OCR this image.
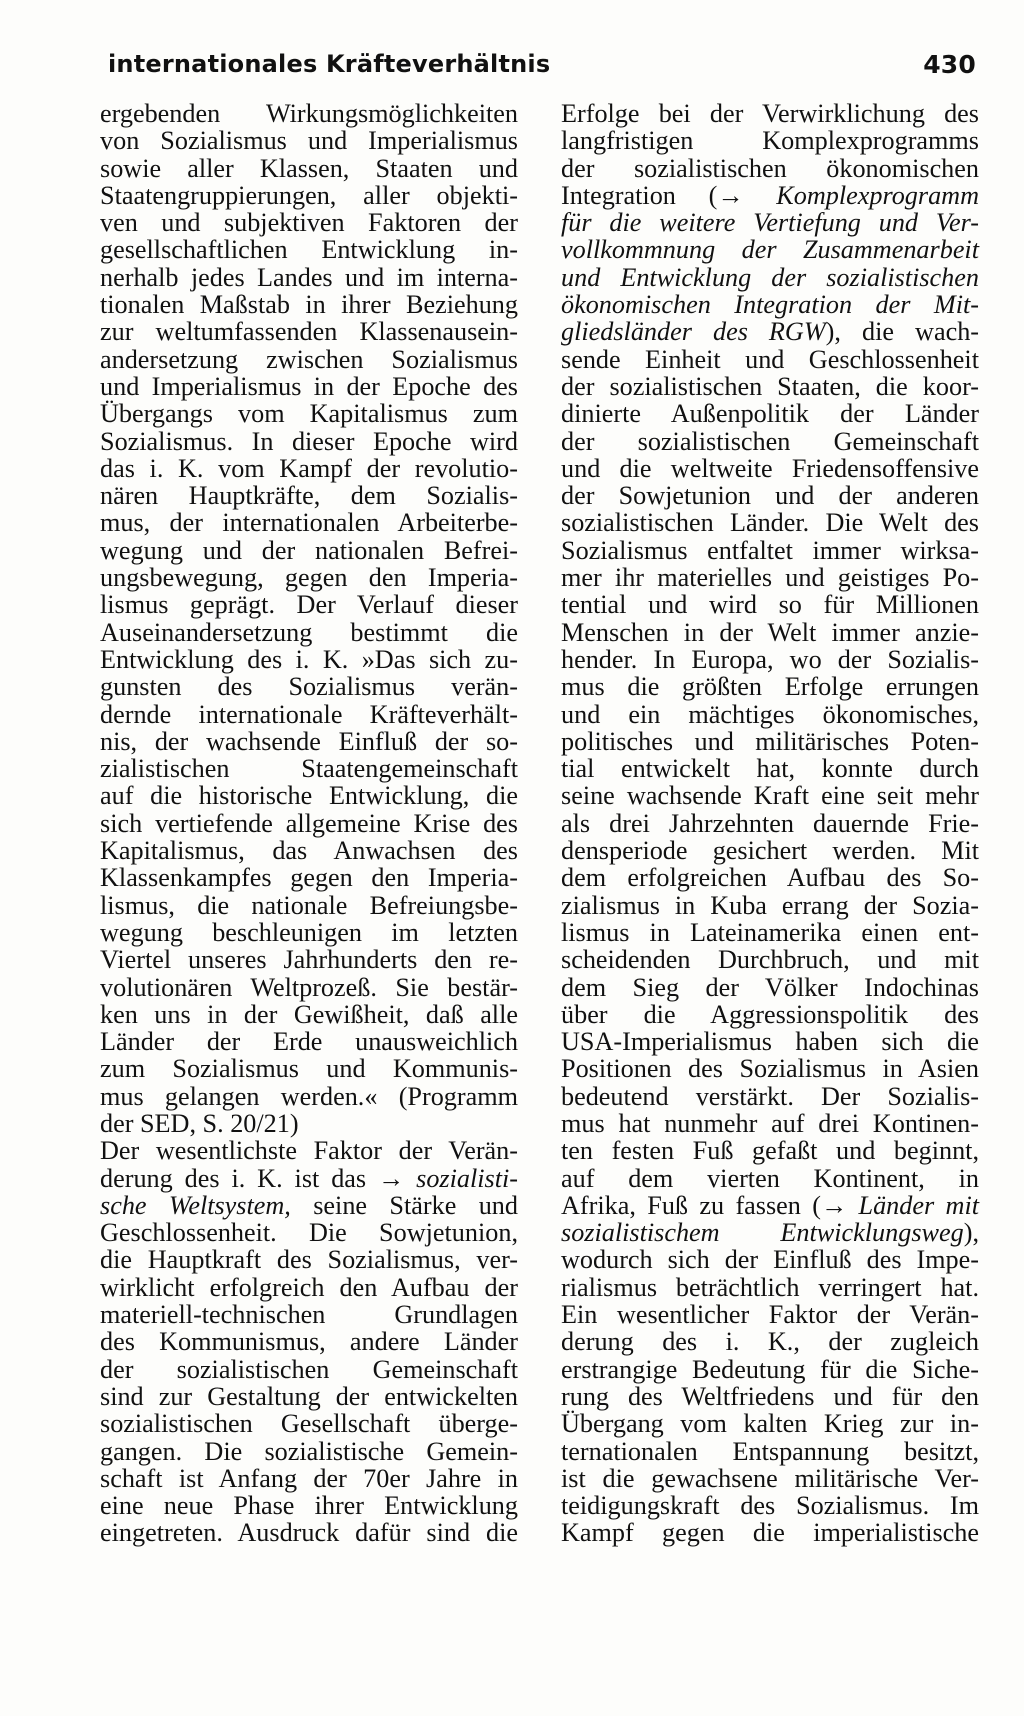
internationales Kräfteverhältnis	430
ergebenden Wirkungsmöglichkeiten
von Sozialismus und Imperialismus
sowie aller Klassen, Staaten und
Staatengruppierungen, aller objekti-
ven und subjektiven Faktoren der
gesellschaftlichen Entwicklung in-
nerhalb jedes Landes und im interna-
tionalen Maßstab in ihrer Beziehung
zur weltumfassenden Klassenausein-
andersetzung zwischen Sozialismus
und Imperialismus in der Epoche des
Übergangs vom Kapitalismus zum
Sozialismus. In dieser Epoche wird
das i. K. vom Kampf der revolutio-
nären Hauptkräfte, dem Sozialis-
mus, der internationalen Arbeiterbe-
wegung und der nationalen Befrei-
ungsbewegung, gegen den Imperia-
lismus geprägt. Der Verlauf dieser
Auseinandersetzung bestimmt die
Entwicklung des i. K. »Das sich zu-
gunsten des Sozialismus verän-
dernde internationale Kräfteverhält-
nis, der wachsende Einfluß der so-
zialistischen Staatengemeinschaft
auf die historische Entwicklung, die
sich vertiefende allgemeine Krise des
Kapitalismus, das Anwachsen des
Klassenkampfes gegen den Imperia-
lismus, die nationale Befreiungsbe-
wegung beschleunigen im letzten
Viertel unseres Jahrhunderts den re-
volutionären Weltprozeß. Sie bestär-
ken uns in der Gewißheit, daß alle
Länder der Erde unausweichlich
zum Sozialismus und Kommunis-
mus gelangen werden.« (Programm
der SED, S. 20/21)
Der wesentlichste Faktor der Verän-
derung des i. K. ist das → sozialisti-
sche Weltsystem, seine Stärke und
Geschlossenheit. Die Sowjetunion,
die Hauptkraft des Sozialismus, ver-
wirklicht erfolgreich den Aufbau der
materiell-technischen Grundlagen
des Kommunismus, andere Länder
der sozialistischen Gemeinschaft
sind zur Gestaltung der entwickelten
sozialistischen Gesellschaft überge-
gangen. Die sozialistische Gemein-
schaft ist Anfang der 70er Jahre in
eine neue Phase ihrer Entwicklung
eingetreten. Ausdruck dafür sind die
Erfolge bei der Verwirklichung des
langfristigen Komplexprogramms
der sozialistischen ökonomischen
Integration (→ Komplexprogramm
für die weitere Vertiefung und Ver-
vollkommnung der Zusammenarbeit
und Entwicklung der sozialistischen
ökonomischen Integration der Mit-
gliedsländer des RGW), die wach-
sende Einheit und Geschlossenheit
der sozialistischen Staaten, die koor-
dinierte Außenpolitik der Länder
der sozialistischen Gemeinschaft
und die weltweite Friedensoffensive
der Sowjetunion und der anderen
sozialistischen Länder. Die Welt des
Sozialismus entfaltet immer wirksa-
mer ihr materielles und geistiges Po-
tential und wird so für Millionen
Menschen in der Welt immer anzie-
hender. In Europa, wo der Sozialis-
mus die größten Erfolge errungen
und ein mächtiges ökonomisches,
politisches und militärisches Poten-
tial entwickelt hat, konnte durch
seine wachsende Kraft eine seit mehr
als drei Jahrzehnten dauernde Frie-
densperiode gesichert werden. Mit
dem erfolgreichen Aufbau des So-
zialismus in Kuba errang der Sozia-
lismus in Lateinamerika einen ent-
scheidenden Durchbruch, und mit
dem Sieg der Völker Indochinas
über die Aggressionspolitik des
USA-Imperialismus haben sich die
Positionen des Sozialismus in Asien
bedeutend verstärkt. Der Sozialis-
mus hat nunmehr auf drei Kontinen-
ten festen Fuß gefaßt und beginnt,
auf dem vierten Kontinent, in
Afrika, Fuß zu fassen (→ Länder mit
sozialistischem Entwicklungsweg),
wodurch sich der Einfluß des Impe-
rialismus beträchtlich verringert hat.
Ein wesentlicher Faktor der Verän-
derung des i. K., der zugleich
erstrangige Bedeutung für die Siche-
rung des Weltfriedens und für den
Übergang vom kalten Krieg zur in-
ternationalen Entspannung besitzt,
ist die gewachsene militärische Ver-
teidigungskraft des Sozialismus. Im
Kampf gegen die imperialistische
